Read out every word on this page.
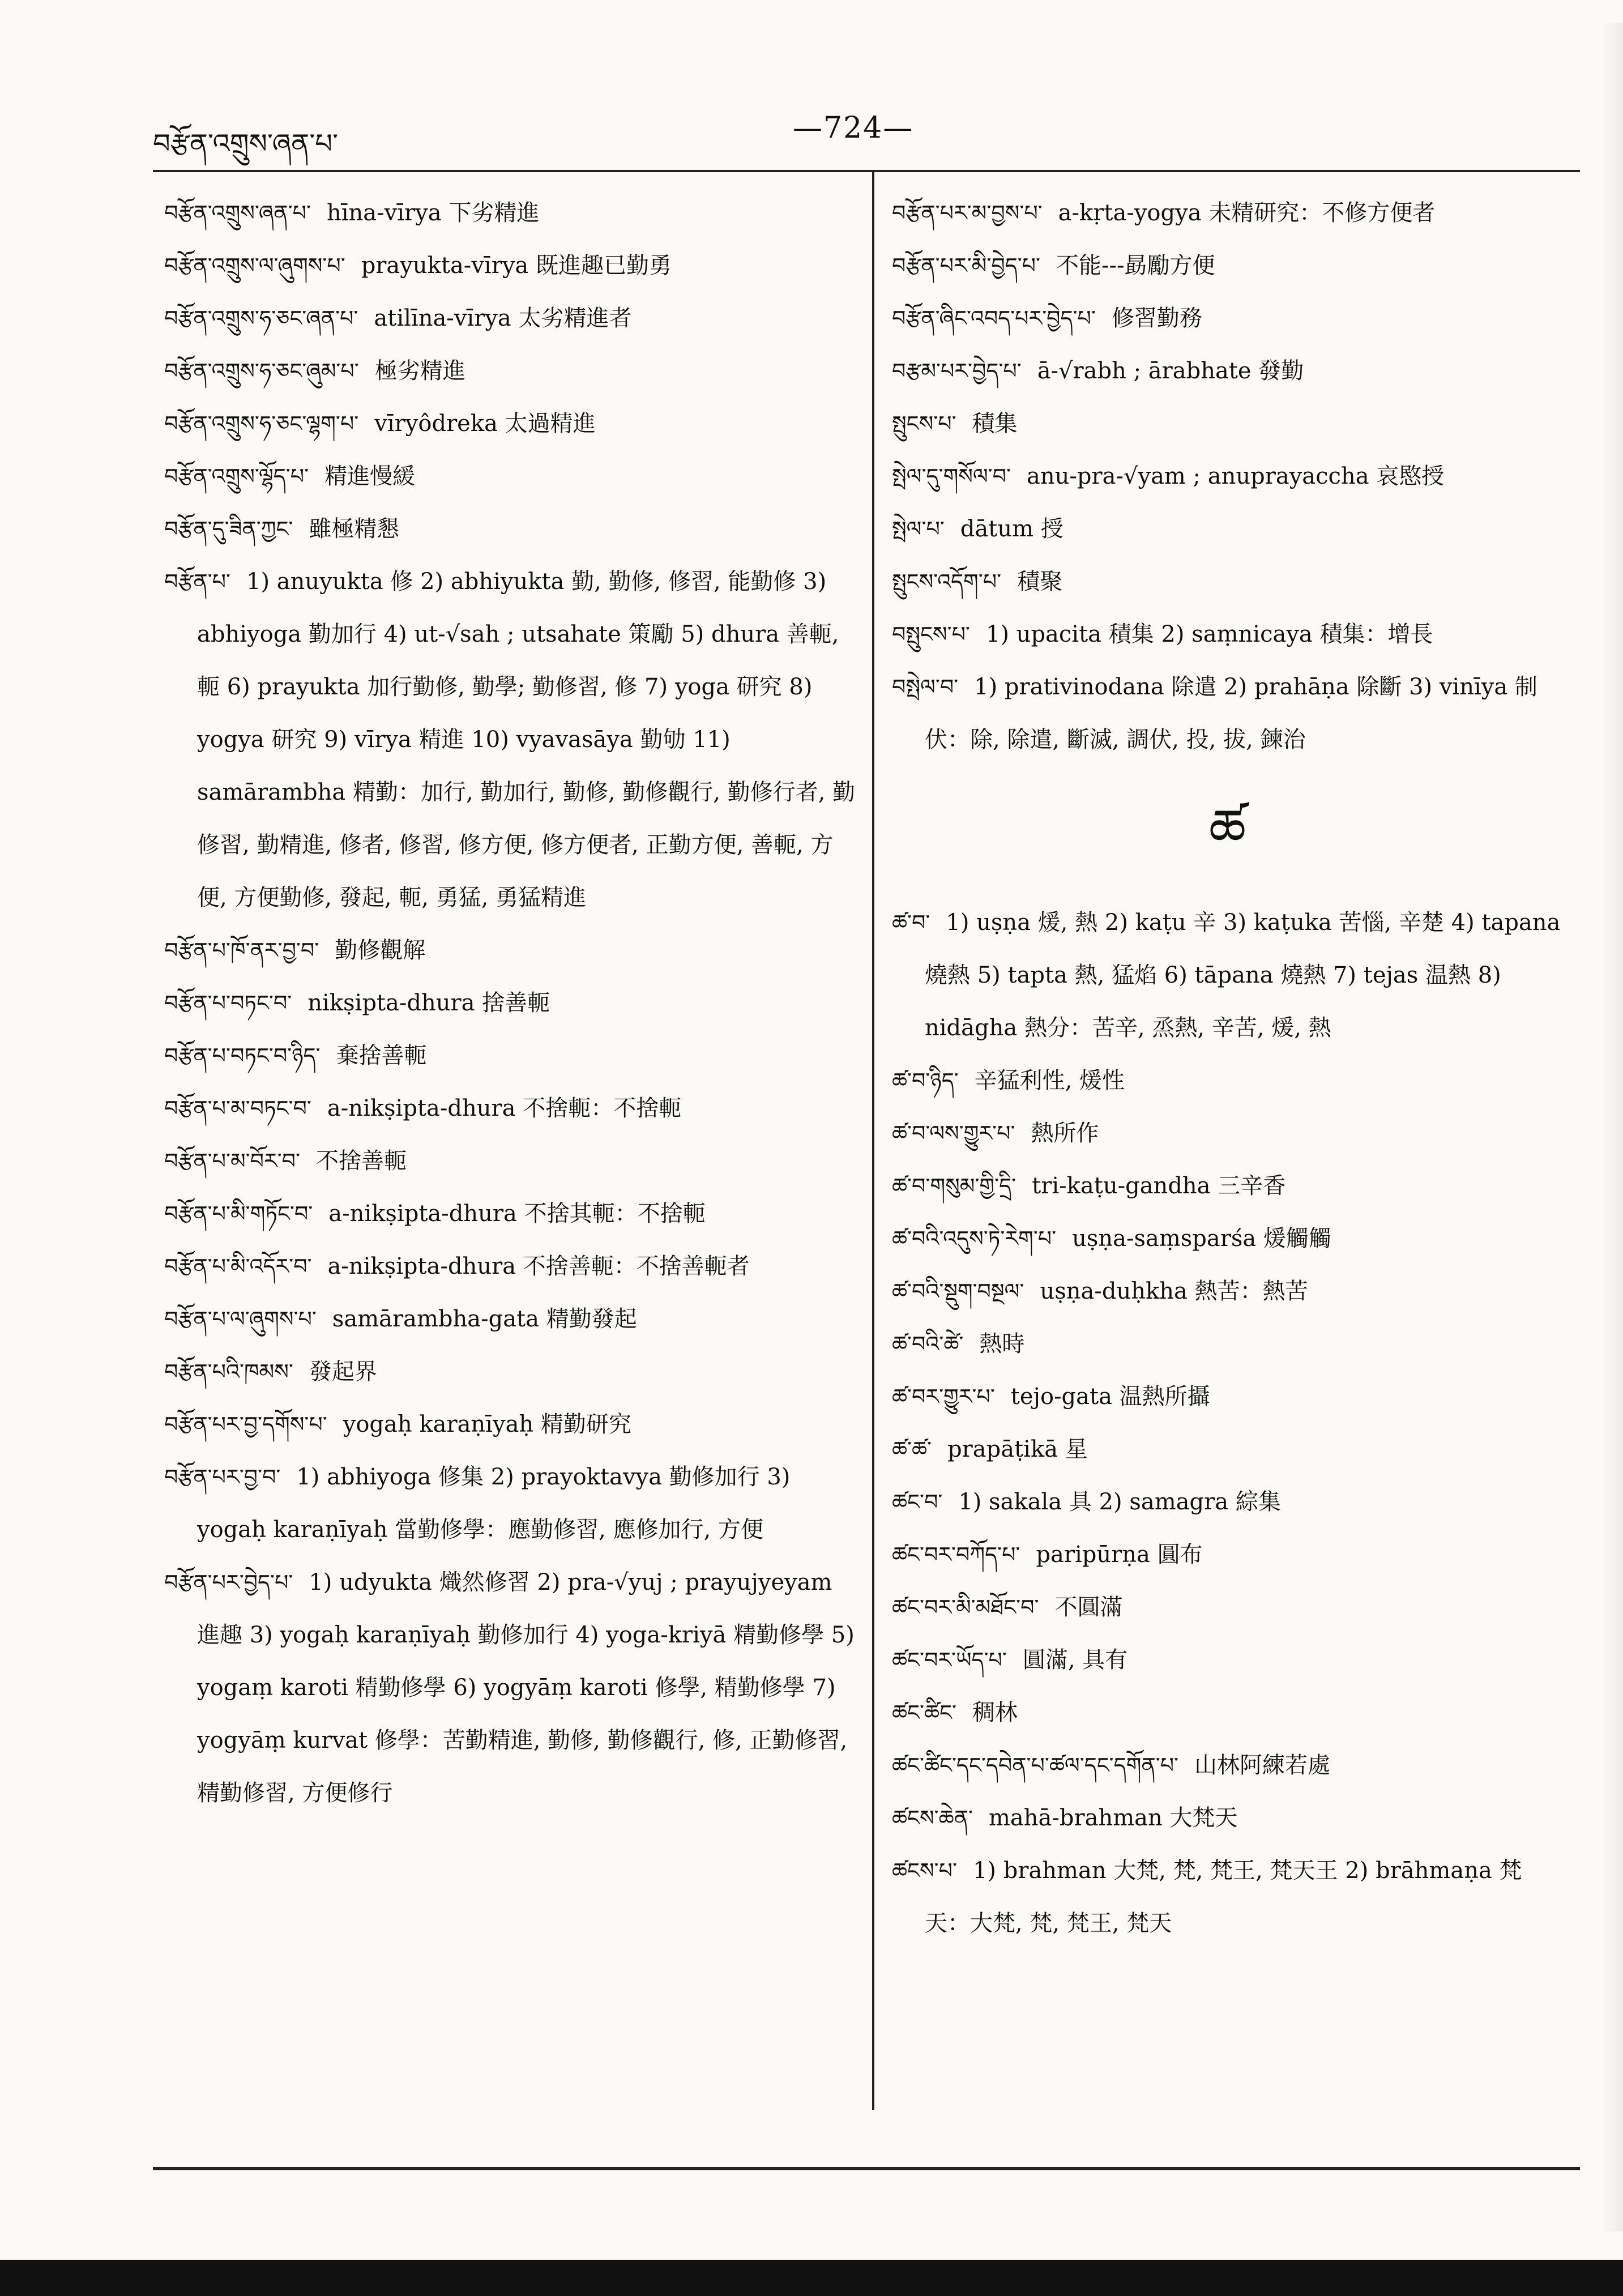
བརྩོན་འགྲུས་ཞན་པ་	—724—
བརྩོན་འགྲུས་ཞན་པ་ hīna-vīrya 下劣精進
བརྩོན་འགྲུས་ལ་ཞུགས་པ་ prayukta-vīrya 既進趣已勤勇
བརྩོན་འགྲུས་ཧ་ཅང་ཞན་པ་ atilīna-vīrya 太劣精進者
བརྩོན་འགྲུས་ཧ་ཅང་ཞུམ་པ་ 極劣精進
བརྩོན་འགྲུས་ཧ་ཅང་ལྷག་པ་ vīryôdreka 太過精進
བརྩོན་འགྲུས་ལྷོད་པ་ 精進慢緩
བརྩོན་དུ་ཟིན་ཀྱང་ 雖極精懇
བརྩོན་པ་ 1) anuyukta 修 2) abhiyukta 勤, 勤修, 修習, 能勤修 3) abhiyoga 勤加行 4) ut-√sah ; utsahate 策勵 5) dhura 善軛, 軛 6) prayukta 加行勤修, 勤學; 勤修習, 修 7) yoga 研究 8) yogya 研究 9) vīrya 精進 10) vyavasāya 勤劬 11) samārambha 精勤：加行, 勤加行, 勤修, 勤修觀行, 勤修行者, 勤修習, 勤精進, 修者, 修習, 修方便, 修方便者, 正勤方便, 善軛, 方便, 方便勤修, 發起, 軛, 勇猛, 勇猛精進
བརྩོན་པ་ཁོ་ནར་བྱ་བ་ 勤修觀解
བརྩོན་པ་བཏང་བ་ nikṣipta-dhura 捨善軛
བརྩོན་པ་བཏང་བ་ཉིད་ 棄捨善軛
བརྩོན་པ་མ་བཏང་བ་ a-nikṣipta-dhura 不捨軛：不捨軛
བརྩོན་པ་མ་བོར་བ་ 不捨善軛
བརྩོན་པ་མི་གཏོང་བ་ a-nikṣipta-dhura 不捨其軛：不捨軛
བརྩོན་པ་མི་འདོར་བ་ a-nikṣipta-dhura 不捨善軛：不捨善軛者
བརྩོན་པ་ལ་ཞུགས་པ་ samārambha-gata 精勤發起
བརྩོན་པའི་ཁམས་ 發起界
བརྩོན་པར་བྱ་དགོས་པ་ yogaḥ karaṇīyaḥ 精勤研究
བརྩོན་པར་བྱ་བ་ 1) abhiyoga 修集 2) prayoktavya 勤修加行 3) yogaḥ karaṇīyaḥ 當勤修學：應勤修習, 應修加行, 方便
བརྩོན་པར་བྱེད་པ་ 1) udyukta 熾然修習 2) pra-√yuj ; prayujyeyam 進趣 3) yogaḥ karaṇīyaḥ 勤修加行 4) yoga-kriyā 精勤修學 5) yogaṃ karoti 精勤修學 6) yogyāṃ karoti 修學, 精勤修學 7) yogyāṃ kurvat 修學：苦勤精進, 勤修, 勤修觀行, 修, 正勤修習, 精勤修習, 方便修行
བརྩོན་པར་མ་བྱས་པ་ a-kṛta-yogya 未精研究：不修方便者
བརྩོན་པར་མི་བྱེད་པ་ 不能---勗勵方便
བརྩོན་ཞིང་འབད་པར་བྱེད་པ་ 修習勤務
བརྩམ་པར་བྱེད་པ་ ā-√rabh ; ārabhate 發勤
སྤུངས་པ་ 積集
སྤེལ་དུ་གསོལ་བ་ anu-pra-√yam ; anuprayaccha 哀愍授
སྤེལ་པ་ dātum 授
སྤུངས་འདོག་པ་ 積聚
བསྤུངས་པ་ 1) upacita 積集 2) saṃnicaya 積集：增長
བསྤེལ་བ་ 1) prativinodana 除遣 2) prahāṇa 除斷 3) vinīya 制伏：除, 除遣, 斷滅, 調伏, 投, 拔, 鍊治
ཚ
ཚ་བ་ 1) uṣṇa 煖, 熱 2) kaṭu 辛 3) kaṭuka 苦惱, 辛楚 4) tapana 燒熱 5) tapta 熱, 猛焰 6) tāpana 燒熱 7) tejas 温熱 8) nidāgha 熱分：苦辛, 烝熱, 辛苦, 煖, 熱
ཚ་བ་ཉིད་ 辛猛利性, 煖性
ཚ་བ་ལས་གྱུར་པ་ 熱所作
ཚ་བ་གསུམ་གྱི་དྲི་ tri-kaṭu-gandha 三辛香
ཚ་བའི་འདུས་ཏེ་རེག་པ་ uṣṇa-saṃsparśa 煖觸觸
ཚ་བའི་སྡུག་བསྔལ་ uṣṇa-duḥkha 熱苦：熱苦
ཚ་བའི་ཚེ་ 熱時
ཚ་བར་གྱུར་པ་ tejo-gata 温熱所攝
ཚ་ཚ་ prapāṭikā 星
ཚང་བ་ 1) sakala 具 2) samagra 綜集
ཚང་བར་བཀོད་པ་ paripūrṇa 圓布
ཚང་བར་མི་མཐོང་བ་ 不圓滿
ཚང་བར་ཡོད་པ་ 圓滿, 具有
ཚང་ཚིང་ 稠林
ཚང་ཚིང་དང་དབེན་པ་ཚལ་དང་དགོན་པ་ 山林阿練若處
ཚངས་ཆེན་ mahā-brahman 大梵天
ཚངས་པ་ 1) brahman 大梵, 梵, 梵王, 梵天王 2) brāhmaṇa 梵天：大梵, 梵, 梵王, 梵天
